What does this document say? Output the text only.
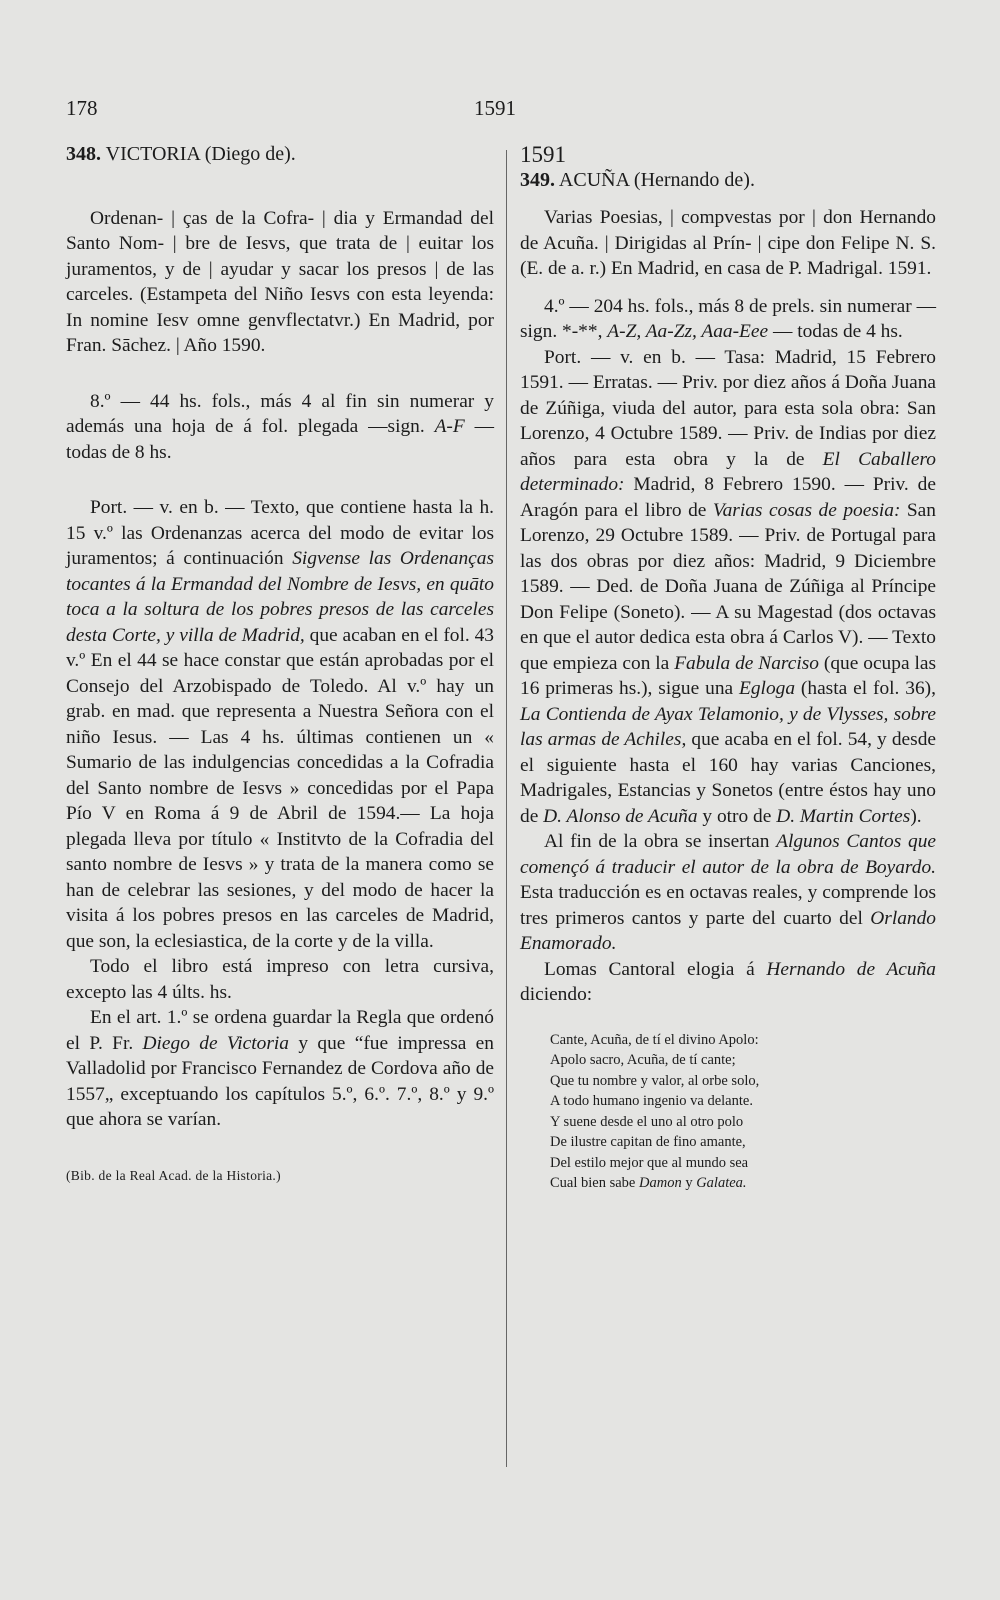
178	1591

348. VICTORIA (Diego de).

Ordenan- | ças de la Cofra- | dia y Ermandad del Santo Nom- | bre de Iesvs, que trata de | euitar los juramentos, y de | ayudar y sacar los presos | de las carceles. (Estampeta del Niño Iesvs con esta leyenda: In nomine Iesv omne genvflectatvr.) En Madrid, por Fran. Sāchez. | Año 1590.

8.º — 44 hs. fols., más 4 al fin sin numerar y además una hoja de á fol. plegada —sign. A-F — todas de 8 hs.

Port. — v. en b. — Texto, que contiene hasta la h. 15 v.º las Ordenanzas acerca del modo de evitar los juramentos; á continuación Sigvense las Ordenanças tocantes á la Ermandad del Nombre de Iesvs, en quāto toca a la soltura de los pobres presos de las carceles desta Corte, y villa de Madrid, que acaban en el fol. 43 v.º En el 44 se hace constar que están aprobadas por el Consejo del Arzobispado de Toledo. Al v.º hay un grab. en mad. que representa a Nuestra Señora con el niño Iesus. — Las 4 hs. últimas contienen un « Sumario de las indulgencias concedidas a la Cofradia del Santo nombre de Iesvs » concedidas por el Papa Pío V en Roma á 9 de Abril de 1594.— La hoja plegada lleva por título « Institvto de la Cofradia del santo nombre de Iesvs » y trata de la manera como se han de celebrar las sesiones, y del modo de hacer la visita á los pobres presos en las carceles de Madrid, que son, la eclesiastica, de la corte y de la villa.

Todo el libro está impreso con letra cursiva, excepto las 4 últs. hs.

En el art. 1.º se ordena guardar la Regla que ordenó el P. Fr. Diego de Victoria y que “fue impressa en Valladolid por Francisco Fernandez de Cordova año de 1557„ exceptuando los capítulos 5.º, 6.º. 7.º, 8.º y 9.º que ahora se varían.

(Bib. de la Real Acad. de la Historia.)

1591

349. ACUÑA (Hernando de).

Varias Poesias, | compvestas por | don Hernando de Acuña. | Dirigidas al Prín- | cipe don Felipe N. S. (E. de a. r.) En Madrid, en casa de P. Madrigal. 1591.

4.º — 204 hs. fols., más 8 de prels. sin numerar — sign. *-**, A-Z, Aa-Zz, Aaa-Eee — todas de 4 hs.

Port. — v. en b. — Tasa: Madrid, 15 Febrero 1591. — Erratas. — Priv. por diez años á Doña Juana de Zúñiga, viuda del autor, para esta sola obra: San Lorenzo, 4 Octubre 1589. — Priv. de Indias por diez años para esta obra y la de El Caballero determinado: Madrid, 8 Febrero 1590. — Priv. de Aragón para el libro de Varias cosas de poesia: San Lorenzo, 29 Octubre 1589. — Priv. de Portugal para las dos obras por diez años: Madrid, 9 Diciembre 1589. — Ded. de Doña Juana de Zúñiga al Príncipe Don Felipe (Soneto). — A su Magestad (dos octavas en que el autor dedica esta obra á Carlos V). — Texto que empieza con la Fabula de Narciso (que ocupa las 16 primeras hs.), sigue una Egloga (hasta el fol. 36), La Contienda de Ayax Telamonio, y de Vlysses, sobre las armas de Achiles, que acaba en el fol. 54, y desde el siguiente hasta el 160 hay varias Canciones, Madrigales, Estancias y Sonetos (entre éstos hay uno de D. Alonso de Acuña y otro de D. Martin Cortes).

Al fin de la obra se insertan Algunos Cantos que començó á traducir el autor de la obra de Boyardo. Esta traducción es en octavas reales, y comprende los tres primeros cantos y parte del cuarto del Orlando Enamorado.

Lomas Cantoral elogia á Hernando de Acuña diciendo:

Cante, Acuña, de tí el divino Apolo:
Apolo sacro, Acuña, de tí cante;
Que tu nombre y valor, al orbe solo,
A todo humano ingenio va delante.
Y suene desde el uno al otro polo
De ilustre capitan de fino amante,
Del estilo mejor que al mundo sea
Cual bien sabe Damon y Galatea.
